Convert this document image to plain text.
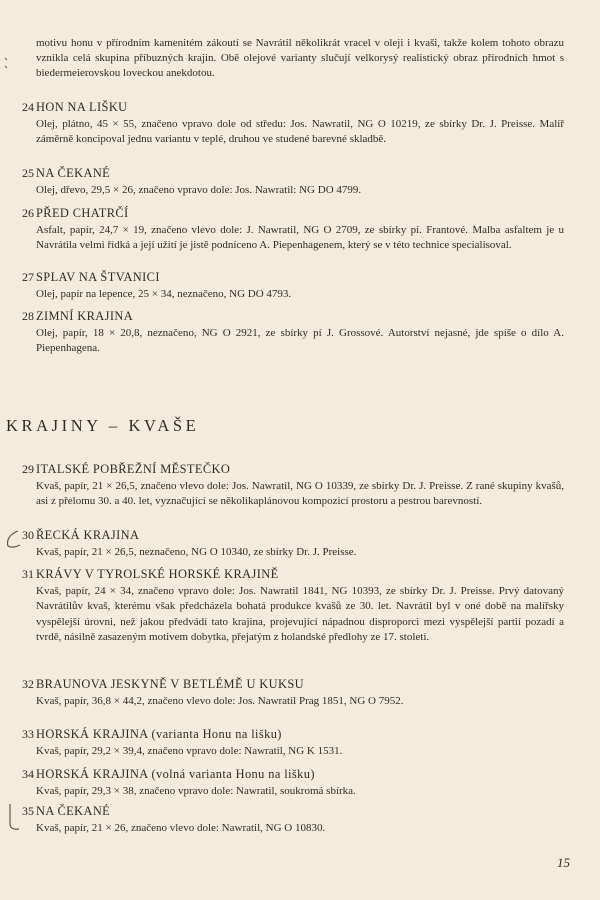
motivu honu v přírodním kamenitém zákoutí se Navrátil několikrát vracel v oleji i kvaši, takže kolem tohoto obrazu vznikla celá skupina příbuzných krajin. Obě olejové varianty slučují velkorysý realistický obraz přírodních hmot s biedermeierovskou loveckou anekdotou.
24 HON NA LIŠKU
Olej, plátno, 45 × 55, značeno vpravo dole od středu: Jos. Nawratil, NG O 10219, ze sbírky Dr. J. Preisse. Malíř záměrně koncipoval jednu variantu v teplé, druhou ve studené barevné skladbě.
25 NA ČEKANÉ
Olej, dřevo, 29,5 × 26, značeno vpravo dole: Jos. Nawratil: NG DO 4799.
26 PŘED CHATRČÍ
Asfalt, papír, 24,7 × 19, značeno vlevo dole: J. Nawratil, NG O 2709, ze sbírky pí. Frantové. Malba asfaltem je u Navrátila velmi řídká a její užití je jistě podníceno A. Piepenhagenem, který se v této technice specialisoval.
27 SPLAV NA ŠTVANICI
Olej, papír na lepence, 25 × 34, neznačeno, NG DO 4793.
28 ZIMNÍ KRAJINA
Olej, papír, 18 × 20,8, neznačeno, NG O 2921, ze sbírky pí J. Grossové. Autorství nejasné, jde spíše o dílo A. Piepenhagena.
KRAJINY – KVAŠE
29 ITALSKÉ POBŘEŽNÍ MĚSTEČKO
Kvaš, papír, 21 × 26,5, značeno vlevo dole: Jos. Nawratil, NG O 10339, ze sbírky Dr. J. Preisse. Z rané skupiny kvašů, asi z přelomu 30. a 40. let, vyznačující se několikaplánovou kompozicí prostoru a pestrou barevností.
30 ŘECKÁ KRAJINA
Kvaš, papír, 21 × 26,5, neznačeno, NG O 10340, ze sbírky Dr. J. Preisse.
31 KRÁVY V TYROLSKÉ HORSKÉ KRAJINĚ
Kvaš, papír, 24 × 34, značeno vpravo dole: Jos. Nawratil 1841, NG 10393, ze sbírky Dr. J. Preisse. Prvý datovaný Navrátilův kvaš, kterému však předcházela bohatá produkce kvašů ze 30. let. Navrátil byl v oné době na malířsky vyspělejší úrovni, než jakou předvádí tato krajina, projevující nápadnou disproporci mezi vyspělejší partií pozadí a tvrdě, násilně zasazeným motivem dobytka, přejatým z holandské předlohy ze 17. století.
32 BRAUNOVA JESKYNĚ V BETLÉMĚ U KUKSU
Kvaš, papír, 36,8 × 44,2, značeno vlevo dole: Jos. Nawratil Prag 1851, NG O 7952.
33 HORSKÁ KRAJINA (varianta Honu na lišku)
Kvaš, papír, 29,2 × 39,4, značeno vpravo dole: Nawratil, NG K 1531.
34 HORSKÁ KRAJINA (volná varianta Honu na lišku)
Kvaš, papír, 29,3 × 38, značeno vpravo dole: Nawratil, soukromá sbírka.
35 NA ČEKANÉ
Kvaš, papír, 21 × 26, značeno vlevo dole: Nawratil, NG O 10830.
15
